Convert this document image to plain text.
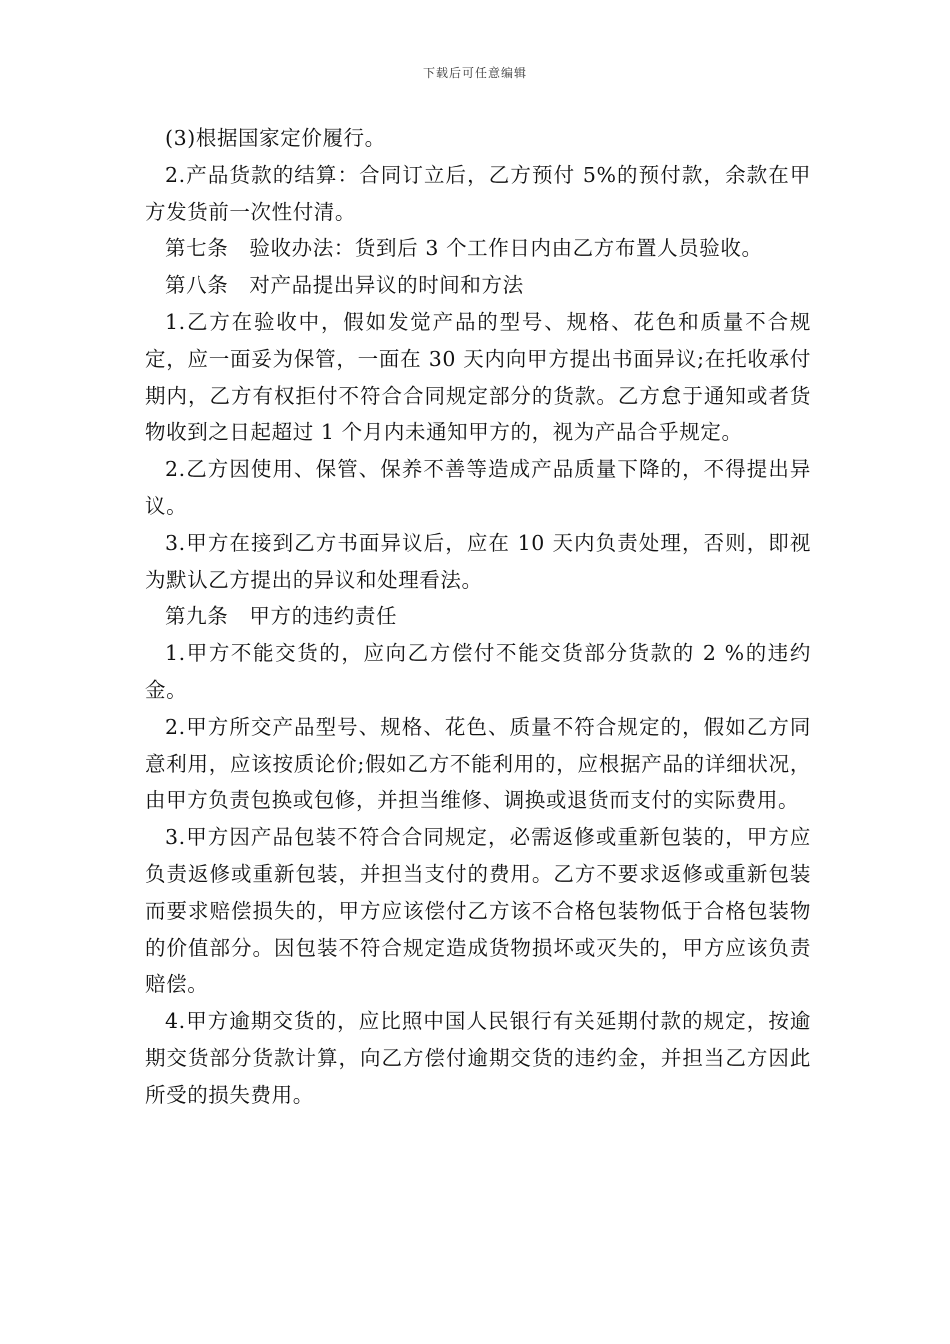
下载后可任意编辑

(3)根据国家定价履行。

2.产品货款的结算：合同订立后，乙方预付 5%的预付款，余款在甲方发货前一次性付清。

第七条　验收办法：货到后 3 个工作日内由乙方布置人员验收。

第八条　对产品提出异议的时间和方法

1.乙方在验收中，假如发觉产品的型号、规格、花色和质量不合规定，应一面妥为保管，一面在 30 天内向甲方提出书面异议;在托收承付期内，乙方有权拒付不符合合同规定部分的货款。乙方怠于通知或者货物收到之日起超过 1 个月内未通知甲方的，视为产品合乎规定。

2.乙方因使用、保管、保养不善等造成产品质量下降的，不得提出异议。

3.甲方在接到乙方书面异议后，应在 10 天内负责处理，否则，即视为默认乙方提出的异议和处理看法。

第九条　甲方的违约责任

1.甲方不能交货的，应向乙方偿付不能交货部分货款的 2 %的违约金。

2.甲方所交产品型号、规格、花色、质量不符合规定的，假如乙方同意利用，应该按质论价;假如乙方不能利用的，应根据产品的详细状况，由甲方负责包换或包修，并担当维修、调换或退货而支付的实际费用。

3.甲方因产品包装不符合合同规定，必需返修或重新包装的，甲方应负责返修或重新包装，并担当支付的费用。乙方不要求返修或重新包装而要求赔偿损失的，甲方应该偿付乙方该不合格包装物低于合格包装物的价值部分。因包装不符合规定造成货物损坏或灭失的，甲方应该负责赔偿。

4.甲方逾期交货的，应比照中国人民银行有关延期付款的规定，按逾期交货部分货款计算，向乙方偿付逾期交货的违约金，并担当乙方因此所受的损失费用。
